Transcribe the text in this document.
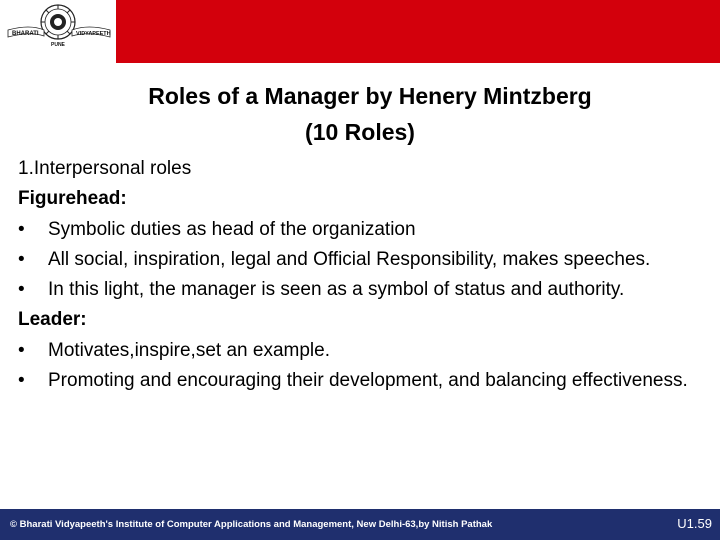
BHARATI	VIDYAPEETH
PUNE
Roles of a Manager by Henery Mintzberg
(10 Roles)
1.Interpersonal roles
Figurehead:
•	Symbolic duties as head of the organization
•	All social, inspiration, legal and Official Responsibility, makes speeches.
•	In this light, the manager is seen as a symbol of status and authority.
Leader:
•	Motivates,inspire,set an example.
•	Promoting and encouraging their development, and balancing effectiveness.
© Bharati Vidyapeeth's Institute of Computer Applications and Management, New Delhi-63,by Nitish Pathak	U1.59
